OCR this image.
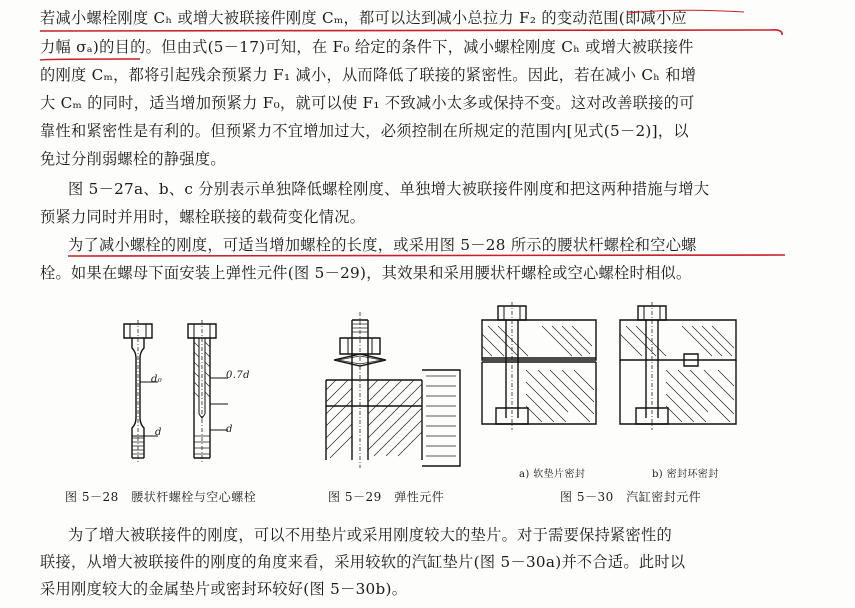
若减小螺栓刚度 Cₕ 或增大被联接件刚度 Cₘ，都可以达到减小总拉力 F₂ 的变动范围(即减小应
力幅 σₐ)的目的。但由式(5－17)可知，在 F₀ 给定的条件下，减小螺栓刚度 Cₕ 或增大被联接件
的刚度 Cₘ，都将引起残余预紧力 F₁ 减小，从而降低了联接的紧密性。因此，若在减小 Cₕ 和增
大 Cₘ 的同时，适当增加预紧力 F₀，就可以使 F₁ 不致减小太多或保持不变。这对改善联接的可
靠性和紧密性是有利的。但预紧力不宜增加过大，必须控制在所规定的范围内[见式(5－2)]，以
免过分削弱螺栓的静强度。
图 5－27a、b、c 分别表示单独降低螺栓刚度、单独增大被联接件刚度和把这两种措施与增大
预紧力同时并用时，螺栓联接的载荷变化情况。
为了减小螺栓的刚度，可适当增加螺栓的长度，或采用图 5－28 所示的腰状杆螺栓和空心螺
栓。如果在螺母下面安装上弹性元件(图 5－29)，其效果和采用腰状杆螺栓或空心螺栓时相似。
d₀
d
0.7d
d
图 5－28　腰状杆螺栓与空心螺栓	图 5－29　弹性元件
a) 软垫片密封	b) 密封环密封
图 5－30　汽缸密封元件
为了增大被联接件的刚度，可以不用垫片或采用刚度较大的垫片。对于需要保持紧密性的
联接，从增大被联接件的刚度的角度来看，采用较软的汽缸垫片(图 5－30a)并不合适。此时以
采用刚度较大的金属垫片或密封环较好(图 5－30b)。
